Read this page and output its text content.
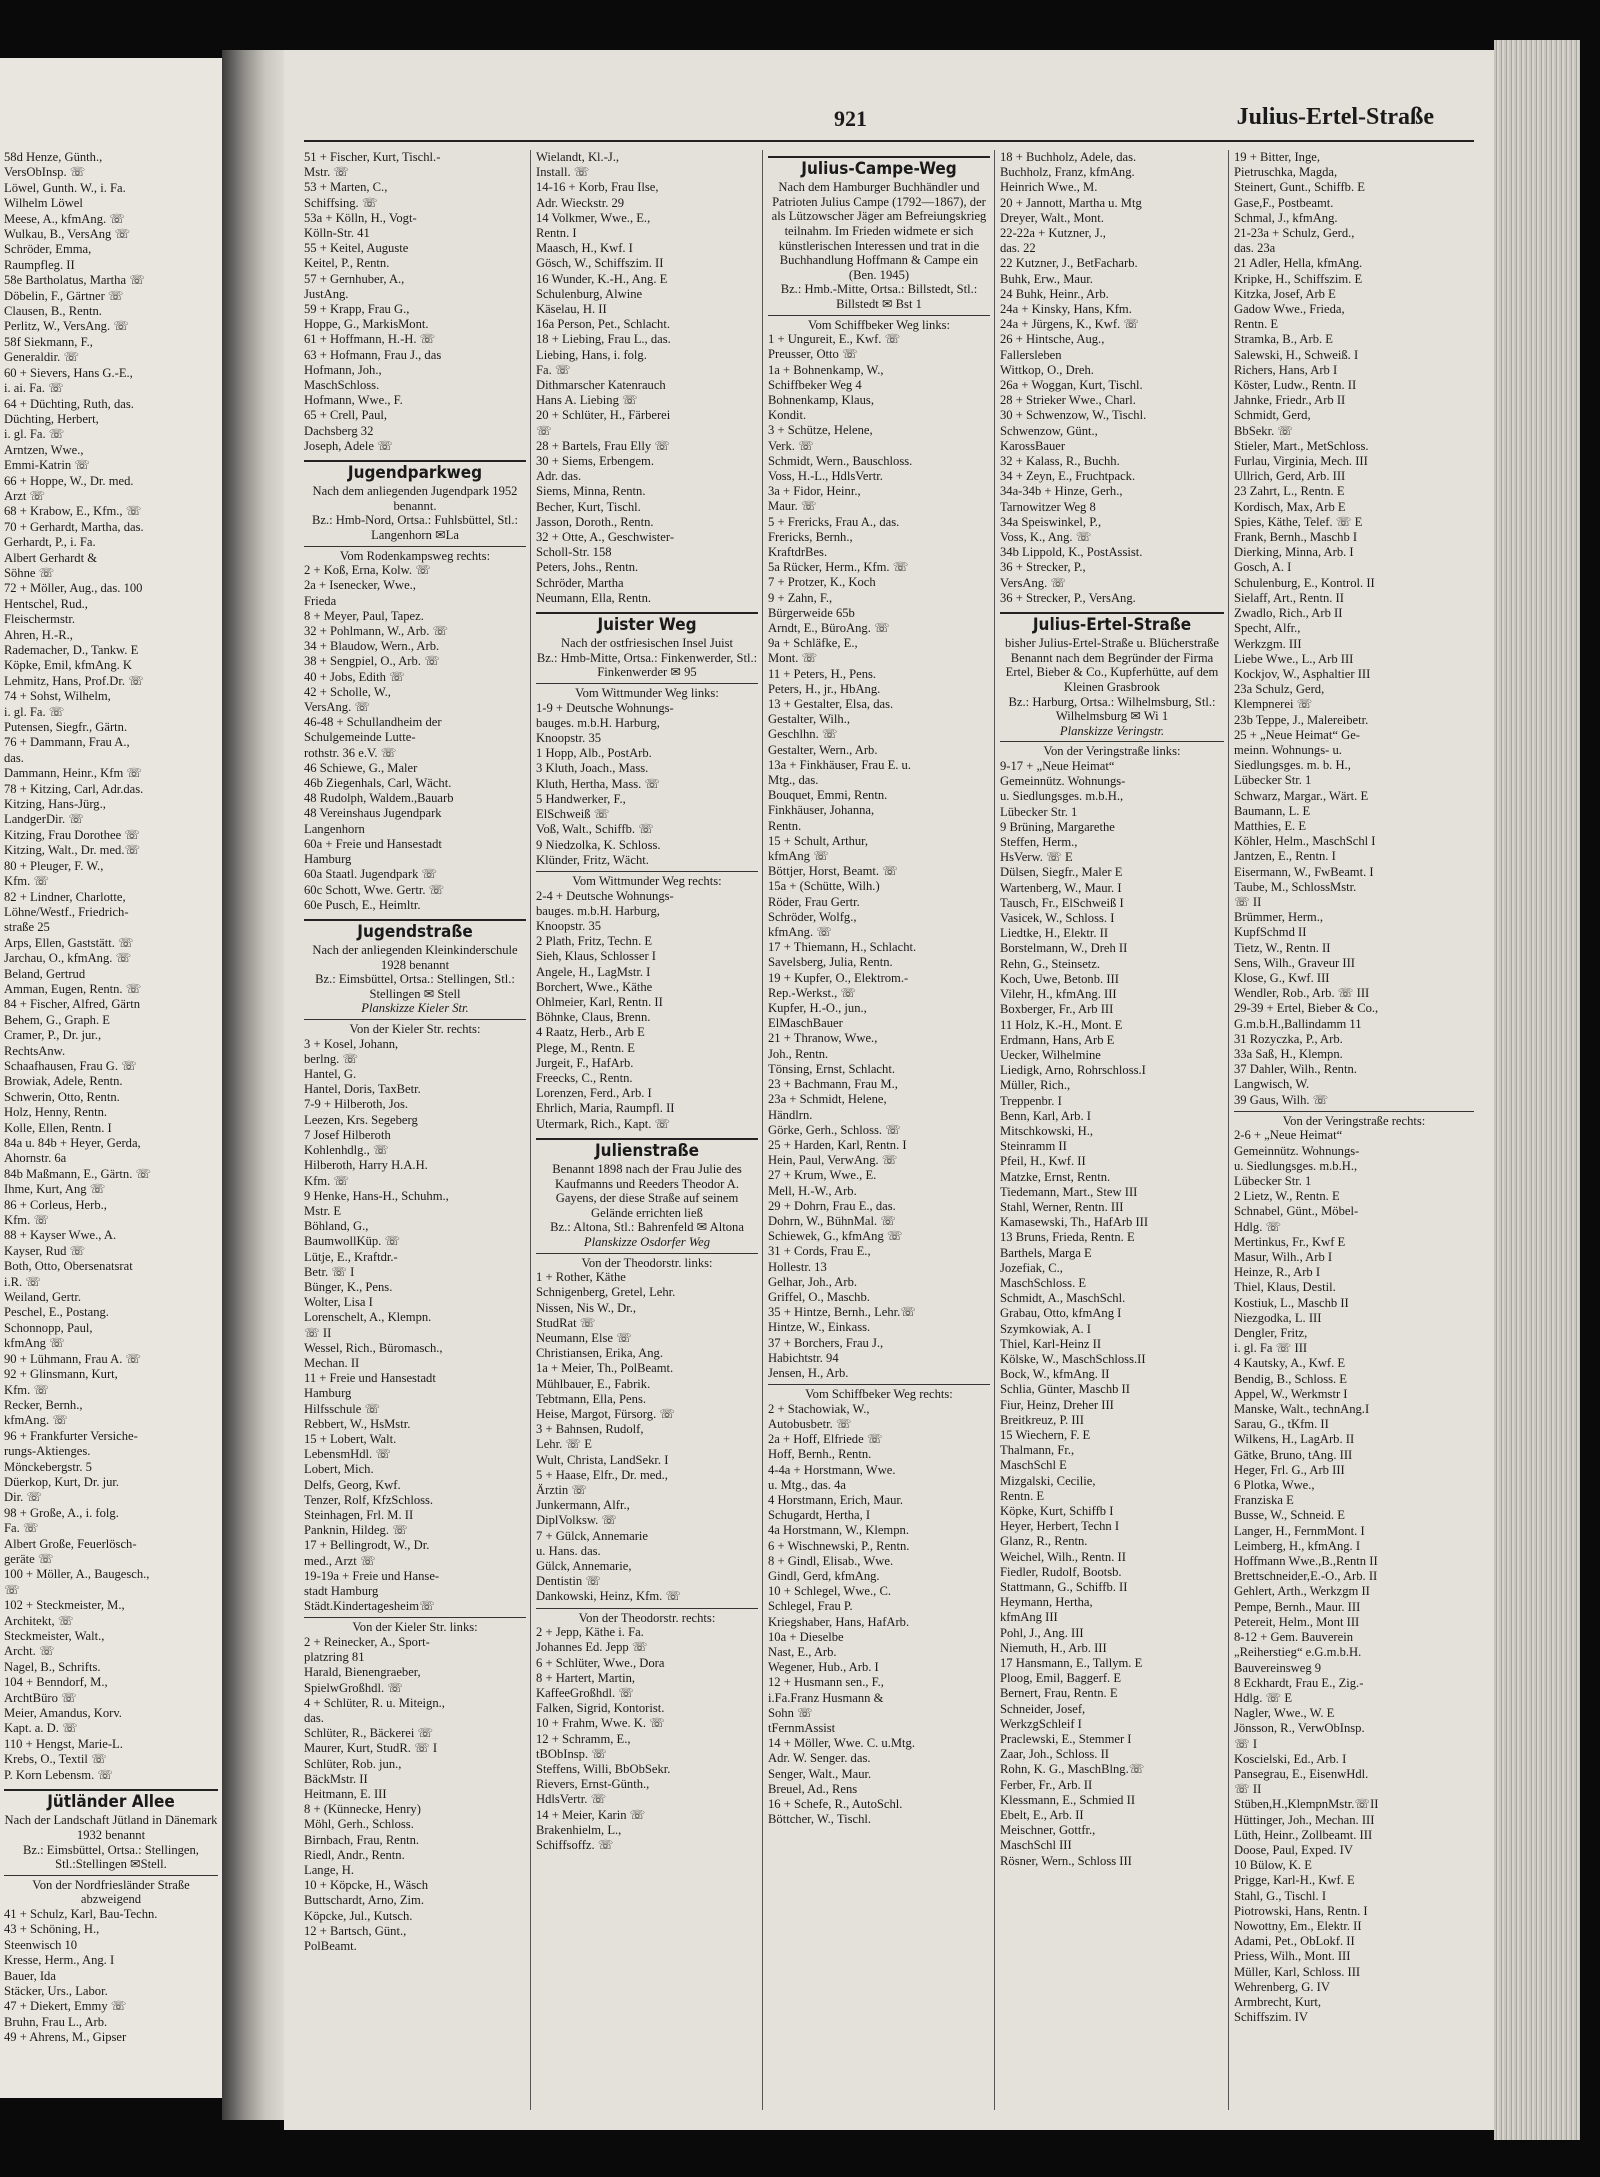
58d Henze, Günth.,

VersObInsp. ☏

Löwel, Gunth. W., i. Fa.

Wilhelm Löwel

Meese, A., kfmAng. ☏

Wulkau, B., VersAng ☏

Schröder, Emma,

Raumpfleg. II

58e Bartholatus, Martha ☏

Döbelin, F., Gärtner ☏

Clausen, B., Rentn.

Perlitz, W., VersAng. ☏

58f Siekmann, F.,

Generaldir. ☏

60 + Sievers, Hans G.-E.,

i. ai. Fa. ☏

64 + Düchting, Ruth, das.

Düchting, Herbert,

i. gl. Fa. ☏

Arntzen, Wwe.,

Emmi-Katrin ☏

66 + Hoppe, W., Dr. med.

Arzt ☏

68 + Krabow, E., Kfm., ☏

70 + Gerhardt, Martha, das.

Gerhardt, P., i. Fa.

Albert Gerhardt &

Söhne ☏

72 + Möller, Aug., das. 100

Hentschel, Rud.,

Fleischermstr.

Ahren, H.-R.,

Rademacher, D., Tankw. E

Köpke, Emil, kfmAng. K

Lehmitz, Hans, Prof.Dr. ☏

74 + Sohst, Wilhelm,

i. gl. Fa. ☏

Putensen, Siegfr., Gärtn.

76 + Dammann, Frau A.,

das.

Dammann, Heinr., Kfm ☏

78 + Kitzing, Carl, Adr.das.

Kitzing, Hans-Jürg.,

LandgerDir. ☏

Kitzing, Frau Dorothee ☏

Kitzing, Walt., Dr. med.☏

80 + Pleuger, F. W.,

Kfm. ☏

82 + Lindner, Charlotte,

Löhne/Westf., Friedrich-

straße 25

Arps, Ellen, Gaststätt. ☏

Jarchau, O., kfmAng. ☏

Beland, Gertrud

Amman, Eugen, Rentn. ☏

84 + Fischer, Alfred, Gärtn

Behem, G., Graph. E

Cramer, P., Dr. jur.,

RechtsAnw.

Schaafhausen, Frau G. ☏

Browiak, Adele, Rentn.

Schwerin, Otto, Rentn.

Holz, Henny, Rentn.

Kolle, Ellen, Rentn. I

84a u. 84b + Heyer, Gerda,

Ahornstr. 6a

84b Maßmann, E., Gärtn. ☏

Ihme, Kurt, Ang ☏

86 + Corleus, Herb.,

Kfm. ☏

88 + Kayser Wwe., A.

Kayser, Rud ☏

Both, Otto, Obersenatsrat

i.R. ☏

Weiland, Gertr.

Peschel, E., Postang.

Schonnopp, Paul,

kfmAng ☏

90 + Lühmann, Frau A. ☏

92 + Glinsmann, Kurt,

Kfm. ☏

Recker, Bernh.,

kfmAng. ☏

96 + Frankfurter Versiche-

rungs-Aktienges.

Mönckebergstr. 5

Düerkop, Kurt, Dr. jur.

Dir. ☏

98 + Große, A., i. folg.

Fa. ☏

Albert Große, Feuerlösch-

geräte ☏

100 + Möller, A., Baugesch.,

☏

102 + Steckmeister, M.,

Architekt, ☏

Steckmeister, Walt.,

Archt. ☏

Nagel, B., Schrifts.

104 + Benndorf, M.,

ArchtBüro ☏

Meier, Amandus, Korv.

Kapt. a. D. ☏

110 + Hengst, Marie-L.

Krebs, O., Textil ☏

P. Korn Lebensm. ☏

Jütländer Allee
Nach der Landschaft Jütland in Dänemark 1932 benannt
Bz.: Eimsbüttel, Ortsa.: Stellingen, Stl.:Stellingen ✉Stell.
Von der Nordfriesländer Straße abzweigend

41 + Schulz, Karl, Bau-Techn.

43 + Schöning, H.,

Steenwisch 10

Kresse, Herm., Ang. I

Bauer, Ida

Stäcker, Urs., Labor.

47 + Diekert, Emmy ☏

Bruhn, Frau L., Arb.

49 + Ahrens, M., Gipser

921	Julius-Ertel-Straße

51 + Fischer, Kurt, Tischl.-

Mstr. ☏

53 + Marten, C.,

Schiffsing. ☏

53a + Kölln, H., Vogt-

Kölln-Str. 41

55 + Keitel, Auguste

Keitel, P., Rentn.

57 + Gernhuber, A.,

JustAng.

59 + Krapp, Frau G.,

Hoppe, G., MarkisMont.

61 + Hoffmann, H.-H. ☏

63 + Hofmann, Frau J., das

Hofmann, Joh.,

MaschSchloss.

Hofmann, Wwe., F.

65 + Crell, Paul,

Dachsberg 32

Joseph, Adele ☏

Jugendparkweg
Nach dem anliegenden Jugendpark 1952 benannt.
Bz.: Hmb-Nord, Ortsa.: Fuhlsbüttel, Stl.: Langenhorn ✉La
Vom Rodenkampsweg rechts:

2 + Koß, Erna, Kolw. ☏

2a + Isenecker, Wwe.,

Frieda

8 + Meyer, Paul, Tapez.

32 + Pohlmann, W., Arb. ☏

34 + Blaudow, Wern., Arb.

38 + Sengpiel, O., Arb. ☏

40 + Jobs, Edith ☏

42 + Scholle, W.,

VersAng. ☏

46-48 + Schullandheim der

Schulgemeinde Lutte-

rothstr. 36 e.V. ☏

46 Schiewe, G., Maler

46b Ziegenhals, Carl, Wächt.

48 Rudolph, Waldem.,Bauarb

48 Vereinshaus Jugendpark

Langenhorn

60a + Freie und Hansestadt

Hamburg

60a Staatl. Jugendpark ☏

60c Schott, Wwe. Gertr. ☏

60e Pusch, E., Heimltr.

Jugendstraße
Nach der anliegenden Kleinkinderschule 1928 benannt
Bz.: Eimsbüttel, Ortsa.: Stellingen, Stl.: Stellingen ✉ Stell
Planskizze Kieler Str.
Von der Kieler Str. rechts:

3 + Kosel, Johann,

berlng. ☏

Hantel, G.

Hantel, Doris, TaxBetr.

7-9 + Hilberoth, Jos.

Leezen, Krs. Segeberg

7 Josef Hilberoth

Kohlenhdlg., ☏

Hilberoth, Harry H.A.H.

Kfm. ☏

9 Henke, Hans-H., Schuhm.,

Mstr. E

Böhland, G.,

BaumwollKüp. ☏

Lütje, E., Kraftdr.-

Betr. ☏ I

Bünger, K., Pens.

Wolter, Lisa I

Lorenschelt, A., Klempn.

☏ II

Wessel, Rich., Büromasch.,

Mechan. II

11 + Freie und Hansestadt

Hamburg

Hilfsschule ☏

Rebbert, W., HsMstr.

15 + Lobert, Walt.

LebensmHdl. ☏

Lobert, Mich.

Delfs, Georg, Kwf.

Tenzer, Rolf, KfzSchloss.

Steinhagen, Frl. M. II

Panknin, Hildeg. ☏

17 + Bellingrodt, W., Dr.

med., Arzt ☏

19-19a + Freie und Hanse-

stadt Hamburg

Städt.Kindertagesheim☏

Von der Kieler Str. links:

2 + Reinecker, A., Sport-

platzring 81

Harald, Bienengraeber,

SpielwGroßhdl. ☏

4 + Schlüter, R. u. Miteign.,

das.

Schlüter, R., Bäckerei ☏

Maurer, Kurt, StudR. ☏ I

Schlüter, Rob. jun.,

BäckMstr. II

Heitmann, E. III

8 + (Künnecke, Henry)

Möhl, Gerh., Schloss.

Birnbach, Frau, Rentn.

Riedl, Andr., Rentn.

Lange, H.

10 + Köpcke, H., Wäsch

Buttschardt, Arno, Zim.

Köpcke, Jul., Kutsch.

12 + Bartsch, Günt.,

PolBeamt.

Wielandt, Kl.-J.,

Install. ☏

14-16 + Korb, Frau Ilse,

Adr. Wieckstr. 29

14 Volkmer, Wwe., E.,

Rentn. I

Maasch, H., Kwf. I

Gösch, W., Schiffszim. II

16 Wunder, K.-H., Ang. E

Schulenburg, Alwine

Käselau, H. II

16a Person, Pet., Schlacht.

18 + Liebing, Frau L., das.

Liebing, Hans, i. folg.

Fa. ☏

Dithmarscher Katenrauch

Hans A. Liebing ☏

20 + Schlüter, H., Färberei

☏

28 + Bartels, Frau Elly ☏

30 + Siems, Erbengem.

Adr. das.

Siems, Minna, Rentn.

Becher, Kurt, Tischl.

Jasson, Doroth., Rentn.

32 + Otte, A., Geschwister-

Scholl-Str. 158

Peters, Johs., Rentn.

Schröder, Martha

Neumann, Ella, Rentn.

Juister Weg
Nach der ostfriesischen Insel Juist
Bz.: Hmb-Mitte, Ortsa.: Finkenwerder, Stl.: Finkenwerder ✉ 95
Vom Wittmunder Weg links:

1-9 + Deutsche Wohnungs-

bauges. m.b.H. Harburg,

Knoopstr. 35

1 Hopp, Alb., PostArb.

3 Kluth, Joach., Mass.

Kluth, Hertha, Mass. ☏

5 Handwerker, F.,

ElSchweiß ☏

Voß, Walt., Schiffb. ☏

9 Niedzolka, K. Schloss.

Klünder, Fritz, Wächt.

Vom Wittmunder Weg rechts:

2-4 + Deutsche Wohnungs-

bauges. m.b.H. Harburg,

Knoopstr. 35

2 Plath, Fritz, Techn. E

Sieh, Klaus, Schlosser I

Angele, H., LagMstr. I

Borchert, Wwe., Käthe

Ohlmeier, Karl, Rentn. II

Böhnke, Claus, Brenn.

4 Raatz, Herb., Arb E

Plege, M., Rentn. E

Jurgeit, F., HafArb.

Freecks, C., Rentn.

Lorenzen, Ferd., Arb. I

Ehrlich, Maria, Raumpfl. II

Utermark, Rich., Kapt. ☏

Julienstraße
Benannt 1898 nach der Frau Julie des Kaufmanns und Reeders Theodor A. Gayens, der diese Straße auf seinem Gelände errichten ließ
Bz.: Altona, Stl.: Bahrenfeld ✉ Altona
Planskizze Osdorfer Weg
Von der Theodorstr. links:

1 + Rother, Käthe

Schnigenberg, Gretel, Lehr.

Nissen, Nis W., Dr.,

StudRat ☏

Neumann, Else ☏

Christiansen, Erika, Ang.

1a + Meier, Th., PolBeamt.

Mühlbauer, E., Fabrik.

Tebtmann, Ella, Pens.

Heise, Margot, Fürsorg. ☏

3 + Bahnsen, Rudolf,

Lehr. ☏ E

Wult, Christa, LandSekr. I

5 + Haase, Elfr., Dr. med.,

Ärztin ☏

Junkermann, Alfr.,

DiplVolksw. ☏

7 + Gülck, Annemarie

u. Hans. das.

Gülck, Annemarie,

Dentistin ☏

Dankowski, Heinz, Kfm. ☏

Von der Theodorstr. rechts:

2 + Jepp, Käthe i. Fa.

Johannes Ed. Jepp ☏

6 + Schlüter, Wwe., Dora

8 + Hartert, Martin,

KaffeeGroßhdl. ☏

Falken, Sigrid, Kontorist.

10 + Frahm, Wwe. K. ☏

12 + Schramm, E.,

tBObInsp. ☏

Steffens, Willi, BbObSekr.

Rievers, Ernst-Günth.,

HdlsVertr. ☏

14 + Meier, Karin ☏

Brakenhielm, L.,

Schiffsoffz. ☏

Julius-Campe-Weg
Nach dem Hamburger Buchhändler und Patrioten Julius Campe (1792—1867), der als Lützowscher Jäger am Befreiungskrieg teilnahm. Im Frieden widmete er sich künstlerischen Interessen und trat in die Buchhandlung Hoffmann & Campe ein (Ben. 1945)
Bz.: Hmb.-Mitte, Ortsa.: Billstedt, Stl.: Billstedt ✉ Bst 1
Vom Schiffbeker Weg links:

1 + Ungureit, E., Kwf. ☏

Preusser, Otto ☏

1a + Bohnenkamp, W.,

Schiffbeker Weg 4

Bohnenkamp, Klaus,

Kondit.

3 + Schütze, Helene,

Verk. ☏

Schmidt, Wern., Bauschloss.

Voss, H.-L., HdlsVertr.

3a + Fidor, Heinr.,

Maur. ☏

5 + Frericks, Frau A., das.

Frericks, Bernh.,

KraftdrBes.

5a Rücker, Herm., Kfm. ☏

7 + Protzer, K., Koch

9 + Zahn, F.,

Bürgerweide 65b

Arndt, E., BüroAng. ☏

9a + Schläfke, E.,

Mont. ☏

11 + Peters, H., Pens.

Peters, H., jr., HbAng.

13 + Gestalter, Elsa, das.

Gestalter, Wilh.,

Geschlhn. ☏

Gestalter, Wern., Arb.

13a + Finkhäuser, Frau E. u.

Mtg., das.

Bouquet, Emmi, Rentn.

Finkhäuser, Johanna,

Rentn.

15 + Schult, Arthur,

kfmAng ☏

Böttjer, Horst, Beamt. ☏

15a + (Schütte, Wilh.)

Röder, Frau Gertr.

Schröder, Wolfg.,

kfmAng. ☏

17 + Thiemann, H., Schlacht.

Savelsberg, Julia, Rentn.

19 + Kupfer, O., Elektrom.-

Rep.-Werkst., ☏

Kupfer, H.-O., jun.,

ElMaschBauer

21 + Thranow, Wwe.,

Joh., Rentn.

Tönsing, Ernst, Schlacht.

23 + Bachmann, Frau M.,

23a + Schmidt, Helene,

Händlrn.

Görke, Gerh., Schloss. ☏

25 + Harden, Karl, Rentn. I

Hein, Paul, VerwAng. ☏

27 + Krum, Wwe., E.

Mell, H.-W., Arb.

29 + Dohrn, Frau E., das.

Dohrn, W., BühnMal. ☏

Schiewek, G., kfmAng ☏

31 + Cords, Frau E.,

Hollestr. 13

Gelhar, Joh., Arb.

Griffel, O., Maschb.

35 + Hintze, Bernh., Lehr.☏

Hintze, W., Einkass.

37 + Borchers, Frau J.,

Habichtstr. 94

Jensen, H., Arb.

Vom Schiffbeker Weg rechts:

2 + Stachowiak, W.,

Autobusbetr. ☏

2a + Hoff, Elfriede ☏

Hoff, Bernh., Rentn.

4-4a + Horstmann, Wwe.

u. Mtg., das. 4a

4 Horstmann, Erich, Maur.

Schugardt, Hertha, I

4a Horstmann, W., Klempn.

6 + Wischnewski, P., Rentn.

8 + Gindl, Elisab., Wwe.

Gindl, Gerd, kfmAng.

10 + Schlegel, Wwe., C.

Schlegel, Frau P.

Kriegshaber, Hans, HafArb.

10a + Dieselbe

Nast, E., Arb.

Wegener, Hub., Arb. I

12 + Husmann sen., F.,

i.Fa.Franz Husmann &

Sohn ☏

tFernmAssist

14 + Möller, Wwe. C. u.Mtg.

Adr. W. Senger. das.

Senger, Walt., Maur.

Breuel, Ad., Rens

16 + Schefe, R., AutoSchl.

Böttcher, W., Tischl.

18 + Buchholz, Adele, das.

Buchholz, Franz, kfmAng.

Heinrich Wwe., M.

20 + Jannott, Martha u. Mtg

Dreyer, Walt., Mont.

22-22a + Kutzner, J.,

das. 22

22 Kutzner, J., BetFacharb.

Buhk, Erw., Maur.

24 Buhk, Heinr., Arb.

24a + Kinsky, Hans, Kfm.

24a + Jürgens, K., Kwf. ☏

26 + Hintsche, Aug.,

Fallersleben

Wittkop, O., Dreh.

26a + Woggan, Kurt, Tischl.

28 + Strieker Wwe., Charl.

30 + Schwenzow, W., Tischl.

Schwenzow, Günt.,

KarossBauer

32 + Kalass, R., Buchh.

34 + Zeyn, E., Fruchtpack.

34a-34b + Hinze, Gerh.,

Tarnowitzer Weg 8

34a Speiswinkel, P.,

Voss, K., Ang. ☏

34b Lippold, K., PostAssist.

36 + Strecker, P.,

VersAng. ☏

36 + Strecker, P., VersAng.

Julius-Ertel-Straße
bisher Julius-Ertel-Straße u. Blücherstraße
Benannt nach dem Begründer der Firma Ertel, Bieber & Co., Kupferhütte, auf dem Kleinen Grasbrook
Bz.: Harburg, Ortsa.: Wilhelmsburg, Stl.: Wilhelmsburg ✉ Wi 1
Planskizze Veringstr.
Von der Veringstraße links:

9-17 + „Neue Heimat“

Gemeinnütz. Wohnungs-

u. Siedlungsges. m.b.H.,

Lübecker Str. 1

9 Brüning, Margarethe

Steffen, Herm.,

HsVerw. ☏ E

Dülsen, Siegfr., Maler E

Wartenberg, W., Maur. I

Tausch, Fr., ElSchweiß I

Vasicek, W., Schloss. I

Liedtke, H., Elektr. II

Borstelmann, W., Dreh II

Rehn, G., Steinsetz.

Koch, Uwe, Betonb. III

Vilehr, H., kfmAng. III

Boxberger, Fr., Arb III

11 Holz, K.-H., Mont. E

Erdmann, Hans, Arb E

Uecker, Wilhelmine

Liedigk, Arno, Rohrschloss.I

Müller, Rich.,

Treppenbr. I

Benn, Karl, Arb. I

Mitschkowski, H.,

Steinramm II

Pfeil, H., Kwf. II

Matzke, Ernst, Rentn.

Tiedemann, Mart., Stew III

Stahl, Werner, Rentn. III

Kamasewski, Th., HafArb III

13 Bruns, Frieda, Rentn. E

Barthels, Marga E

Jozefiak, C.,

MaschSchloss. E

Schmidt, A., MaschSchl.

Grabau, Otto, kfmAng I

Szymkowiak, A. I

Thiel, Karl-Heinz II

Kölske, W., MaschSchloss.II

Bock, W., kfmAng. II

Schlia, Günter, Maschb II

Fiur, Heinz, Dreher III

Breitkreuz, P. III

15 Wiechern, F. E

Thalmann, Fr.,

MaschSchl E

Mizgalski, Cecilie,

Rentn. E

Köpke, Kurt, Schiffb I

Heyer, Herbert, Techn I

Glanz, R., Rentn.

Weichel, Wilh., Rentn. II

Fiedler, Rudolf, Bootsb.

Stattmann, G., Schiffb. II

Heymann, Hertha,

kfmAng III

Pohl, J., Ang. III

Niemuth, H., Arb. III

17 Hansmann, E., Tallym. E

Ploog, Emil, Baggerf. E

Bernert, Frau, Rentn. E

Schneider, Josef,

WerkzgSchleif I

Praclewski, E., Stemmer I

Zaar, Joh., Schloss. II

Rohn, K. G., MaschBlng.☏

Ferber, Fr., Arb. II

Klessmann, E., Schmied II

Ebelt, E., Arb. II

Meischner, Gottfr.,

MaschSchl III

Rösner, Wern., Schloss III

19 + Bitter, Inge,

Pietruschka, Magda,

Steinert, Gunt., Schiffb. E

Gase,F., Postbeamt.

Schmal, J., kfmAng.

21-23a + Schulz, Gerd.,

das. 23a

21 Adler, Hella, kfmAng.

Kripke, H., Schiffszim. E

Kitzka, Josef, Arb E

Gadow Wwe., Frieda,

Rentn. E

Stramka, B., Arb. E

Salewski, H., Schweiß. I

Richers, Hans, Arb I

Köster, Ludw., Rentn. II

Jahnke, Friedr., Arb II

Schmidt, Gerd,

BbSekr. ☏

Stieler, Mart., MetSchloss.

Furlau, Virginia, Mech. III

Ullrich, Gerd, Arb. III

23 Zahrt, L., Rentn. E

Kordisch, Max, Arb E

Spies, Käthe, Telef. ☏ E

Frank, Bernh., Maschb I

Dierking, Minna, Arb. I

Gosch, A. I

Schulenburg, E., Kontrol. II

Sielaff, Art., Rentn. II

Zwadlo, Rich., Arb II

Specht, Alfr.,

Werkzgm. III

Liebe Wwe., L., Arb III

Kockjov, W., Asphaltier III

23a Schulz, Gerd,

Klempnerei ☏

23b Teppe, J., Malereibetr.

25 + „Neue Heimat“ Ge-

meinn. Wohnungs- u.

Siedlungsges. m. b. H.,

Lübecker Str. 1

Schwarz, Margar., Wärt. E

Baumann, L. E

Matthies, E. E

Köhler, Helm., MaschSchl I

Jantzen, E., Rentn. I

Eisermann, W., FwBeamt. I

Taube, M., SchlossMstr.

☏ II

Brümmer, Herm.,

KupfSchmd II

Tietz, W., Rentn. II

Sens, Wilh., Graveur III

Klose, G., Kwf. III

Wendler, Rob., Arb. ☏ III

29-39 + Ertel, Bieber & Co.,

G.m.b.H.,Ballindamm 11

31 Rozyczka, P., Arb.

33a Saß, H., Klempn.

37 Dahler, Wilh., Rentn.

Langwisch, W.

39 Gaus, Wilh. ☏

Von der Veringstraße rechts:

2-6 + „Neue Heimat“

Gemeinnütz. Wohnungs-

u. Siedlungsges. m.b.H.,

Lübecker Str. 1

2 Lietz, W., Rentn. E

Schnabel, Günt., Möbel-

Hdlg. ☏

Mertinkus, Fr., Kwf E

Masur, Wilh., Arb I

Heinze, R., Arb I

Thiel, Klaus, Destil.

Kostiuk, L., Maschb II

Niezgodka, L. III

Dengler, Fritz,

i. gl. Fa ☏ III

4 Kautsky, A., Kwf. E

Bendig, B., Schloss. E

Appel, W., Werkmstr I

Manske, Walt., technAng.I

Sarau, G., tKfm. II

Wilkens, H., LagArb. II

Gätke, Bruno, tAng. III

Heger, Frl. G., Arb III

6 Plotka, Wwe.,

Franziska E

Busse, W., Schneid. E

Langer, H., FernmMont. I

Leimberg, H., kfmAng. I

Hoffmann Wwe.,B.,Rentn II

Brettschneider,E.-O., Arb. II

Gehlert, Arth., Werkzgm II

Pempe, Bernh., Maur. III

Petereit, Helm., Mont III

8-12 + Gem. Bauverein

„Reiherstieg“ e.G.m.b.H.

Bauvereinsweg 9

8 Eckhardt, Frau E., Zig.-

Hdlg. ☏ E

Nagler, Wwe., W. E

Jönsson, R., VerwObInsp.

☏ I

Koscielski, Ed., Arb. I

Pansegrau, E., EisenwHdl.

☏ II

Stüben,H.,KlempnMstr.☏II

Hüttinger, Joh., Mechan. III

Lüth, Heinr., Zollbeamt. III

Doose, Paul, Exped. IV

10 Bülow, K. E

Prigge, Karl-H., Kwf. E

Stahl, G., Tischl. I

Piotrowski, Hans, Rentn. I

Nowottny, Em., Elektr. II

Adami, Pet., ObLokf. II

Priess, Wilh., Mont. III

Müller, Karl, Schloss. III

Wehrenberg, G. IV

Armbrecht, Kurt,

Schiffszim. IV
